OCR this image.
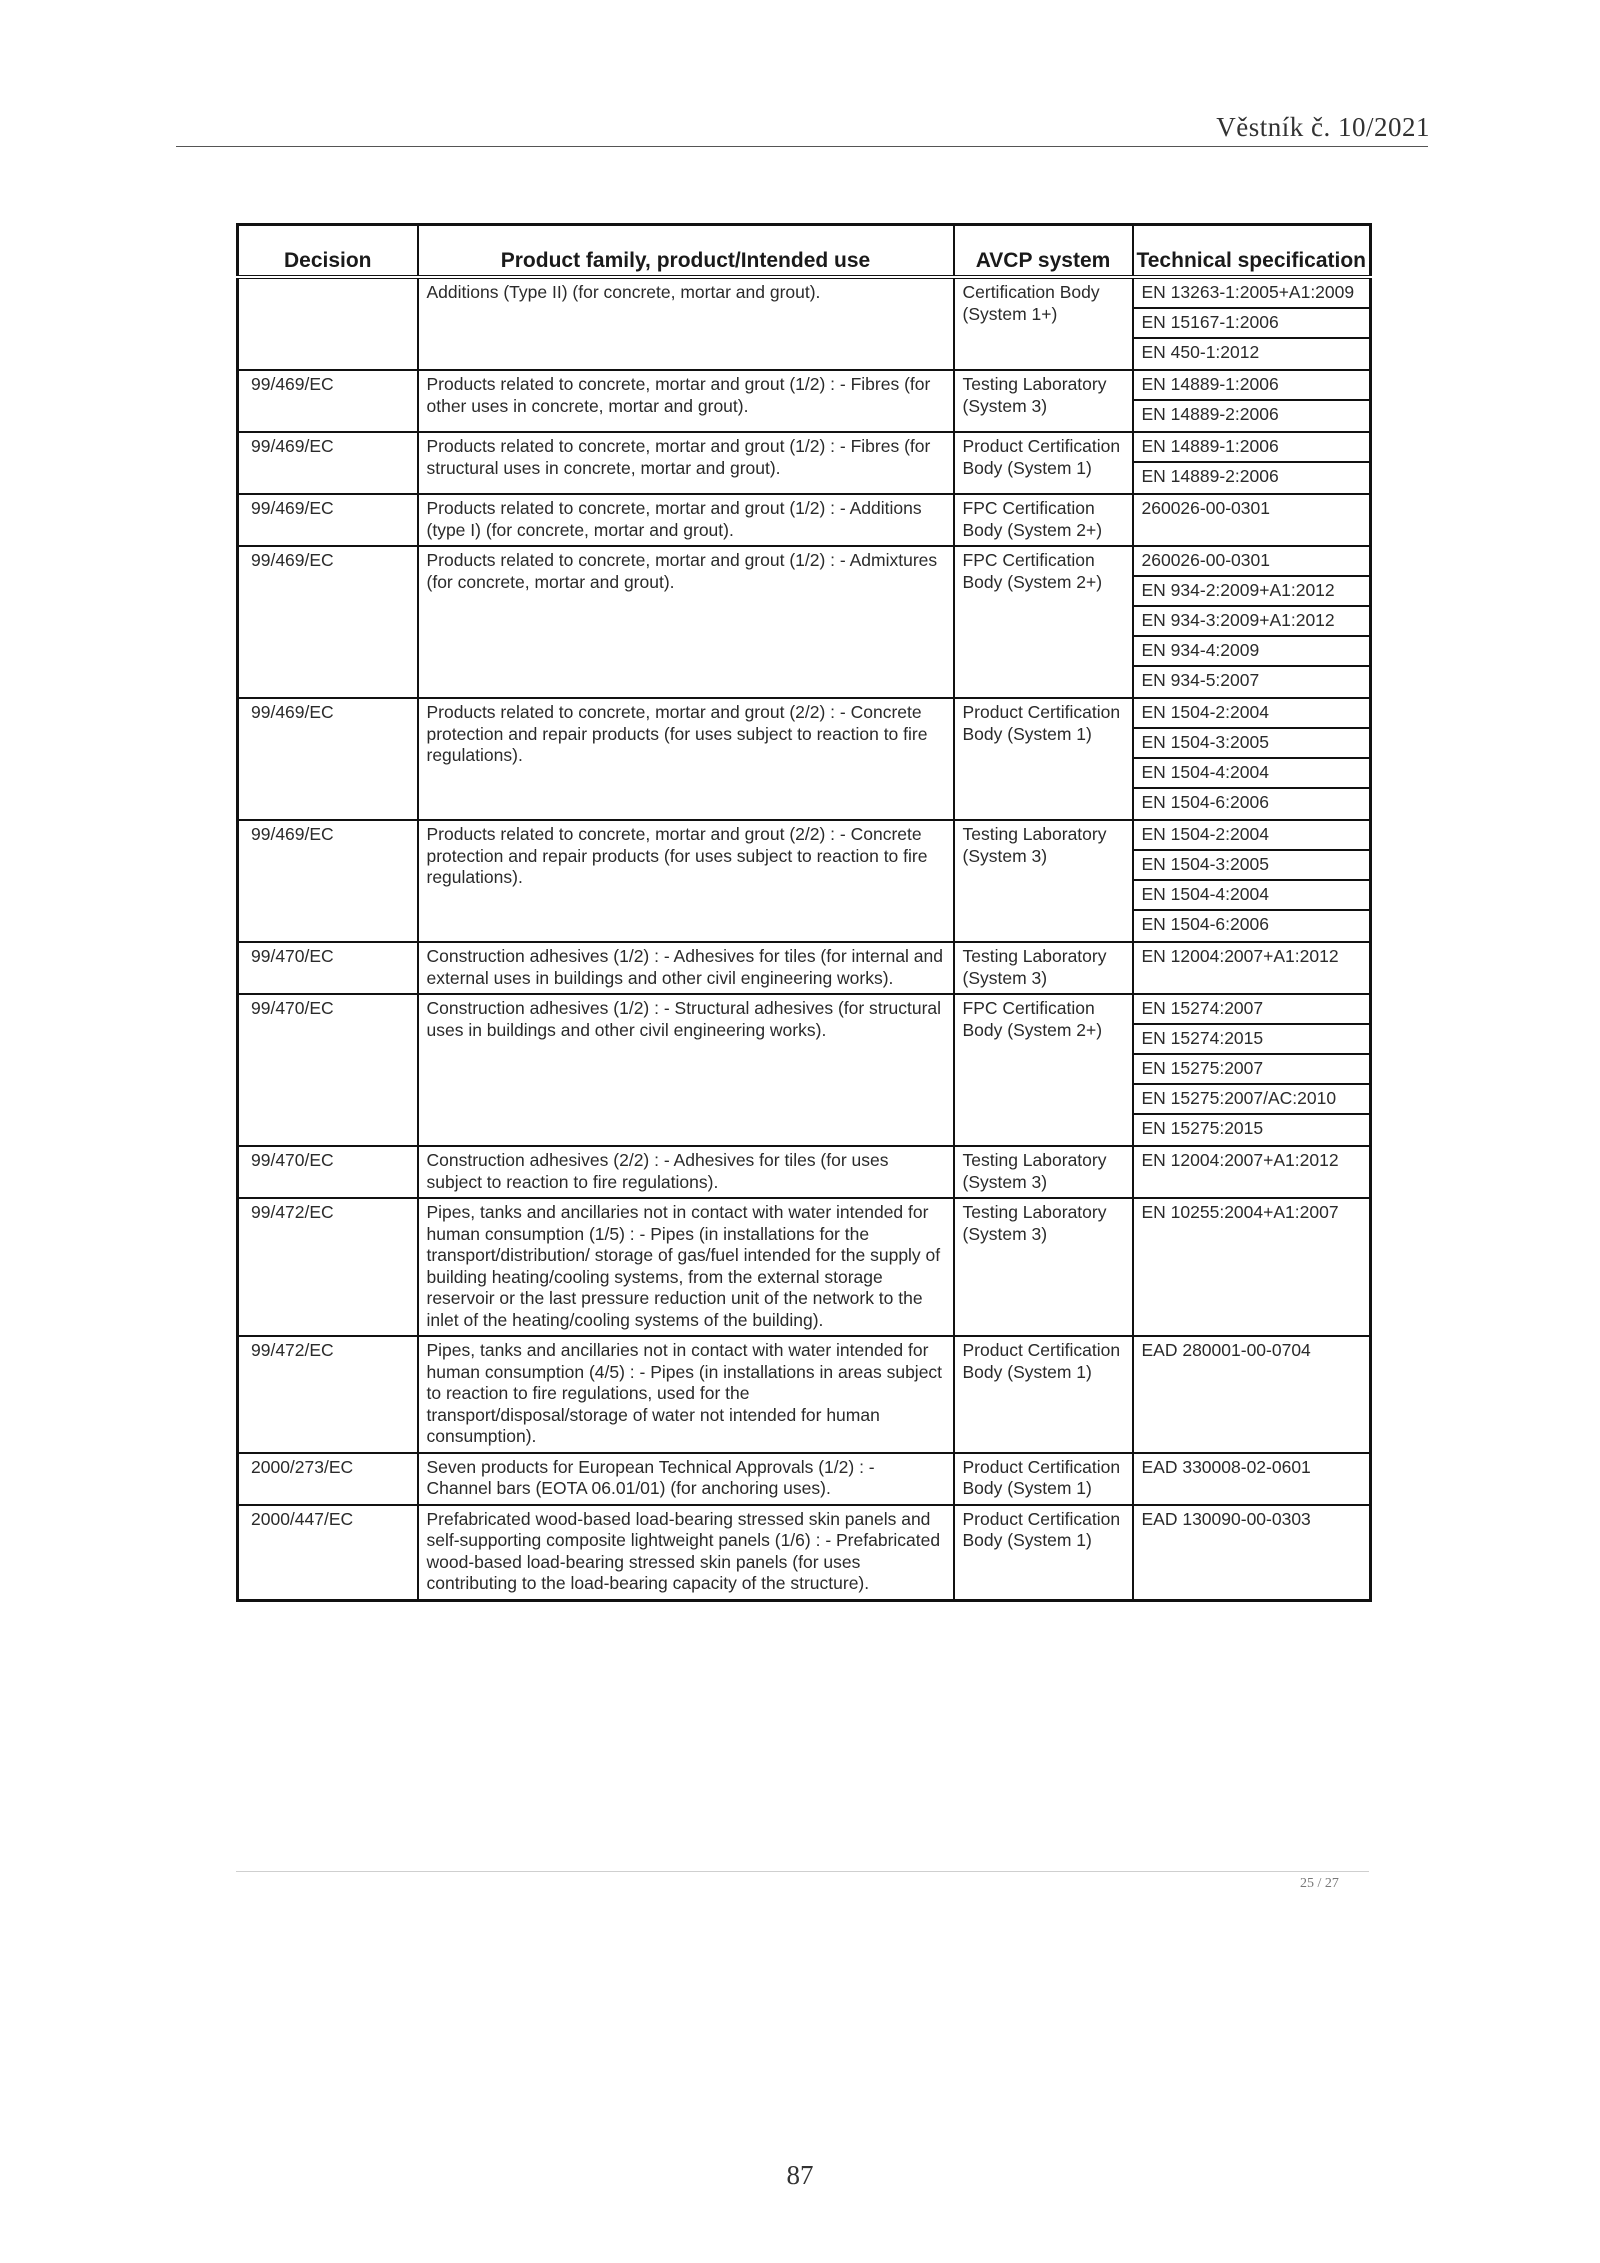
Věstník č. 10/2021
Decision	Product family, product/Intended use	AVCP system	Technical specification
	Additions (Type II) (for concrete, mortar and grout).	Certification Body (System 1+)	EN 13263-1:2005+A1:2009
EN 15167-1:2006
EN 450-1:2012

99/469/EC	Products related to concrete, mortar and grout (1/2) : - Fibres (for other uses in concrete, mortar and grout).	Testing Laboratory (System 3)	EN 14889-1:2006
EN 14889-2:2006

99/469/EC	Products related to concrete, mortar and grout (1/2) : - Fibres (for structural uses in concrete, mortar and grout).	Product Certification Body (System 1)	EN 14889-1:2006
EN 14889-2:2006

99/469/EC	Products related to concrete, mortar and grout (1/2) : - Additions (type I) (for concrete, mortar and grout).	FPC Certification Body (System 2+)	260026-00-0301

99/469/EC	Products related to concrete, mortar and grout (1/2) : - Admixtures (for concrete, mortar and grout).	FPC Certification Body (System 2+)	260026-00-0301
EN 934-2:2009+A1:2012
EN 934-3:2009+A1:2012
EN 934-4:2009
EN 934-5:2007

99/469/EC	Products related to concrete, mortar and grout (2/2) : - Concrete protection and repair products (for uses subject to reaction to fire regulations).	Product Certification Body (System 1)	EN 1504-2:2004
EN 1504-3:2005
EN 1504-4:2004
EN 1504-6:2006

99/469/EC	Products related to concrete, mortar and grout (2/2) : - Concrete protection and repair products (for uses subject to reaction to fire regulations).	Testing Laboratory (System 3)	EN 1504-2:2004
EN 1504-3:2005
EN 1504-4:2004
EN 1504-6:2006

99/470/EC	Construction adhesives (1/2) : - Adhesives for tiles (for internal and external uses in buildings and other civil engineering works).	Testing Laboratory (System 3)	EN 12004:2007+A1:2012

99/470/EC	Construction adhesives (1/2) : - Structural adhesives (for structural uses in buildings and other civil engineering works).	FPC Certification Body (System 2+)	EN 15274:2007
EN 15274:2015
EN 15275:2007
EN 15275:2007/AC:2010
EN 15275:2015

99/470/EC	Construction adhesives (2/2) : - Adhesives for tiles (for uses subject to reaction to fire regulations).	Testing Laboratory (System 3)	EN 12004:2007+A1:2012

99/472/EC	Pipes, tanks and ancillaries not in contact with water intended for human consumption (1/5) : - Pipes (in installations for the transport/distribution/ storage of gas/fuel intended for the supply of building heating/cooling systems, from the external storage reservoir or the last pressure reduction unit of the network to the inlet of the heating/cooling systems of the building).	Testing Laboratory (System 3)	EN 10255:2004+A1:2007

99/472/EC	Pipes, tanks and ancillaries not in contact with water intended for human consumption (4/5) : - Pipes (in installations in areas subject to reaction to fire regulations, used for the transport/disposal/storage of water not intended for human consumption).	Product Certification Body (System 1)	EAD 280001-00-0704

2000/273/EC	Seven products for European Technical Approvals (1/2) : - Channel bars (EOTA 06.01/01) (for anchoring uses).	Product Certification Body (System 1)	EAD 330008-02-0601

2000/447/EC	Prefabricated wood-based load-bearing stressed skin panels and self-supporting composite lightweight panels (1/6) : - Prefabricated wood-based load-bearing stressed skin panels (for uses contributing to the load-bearing capacity of the structure).	Product Certification Body (System 1)	EAD 130090-00-0303
25 / 27
87
